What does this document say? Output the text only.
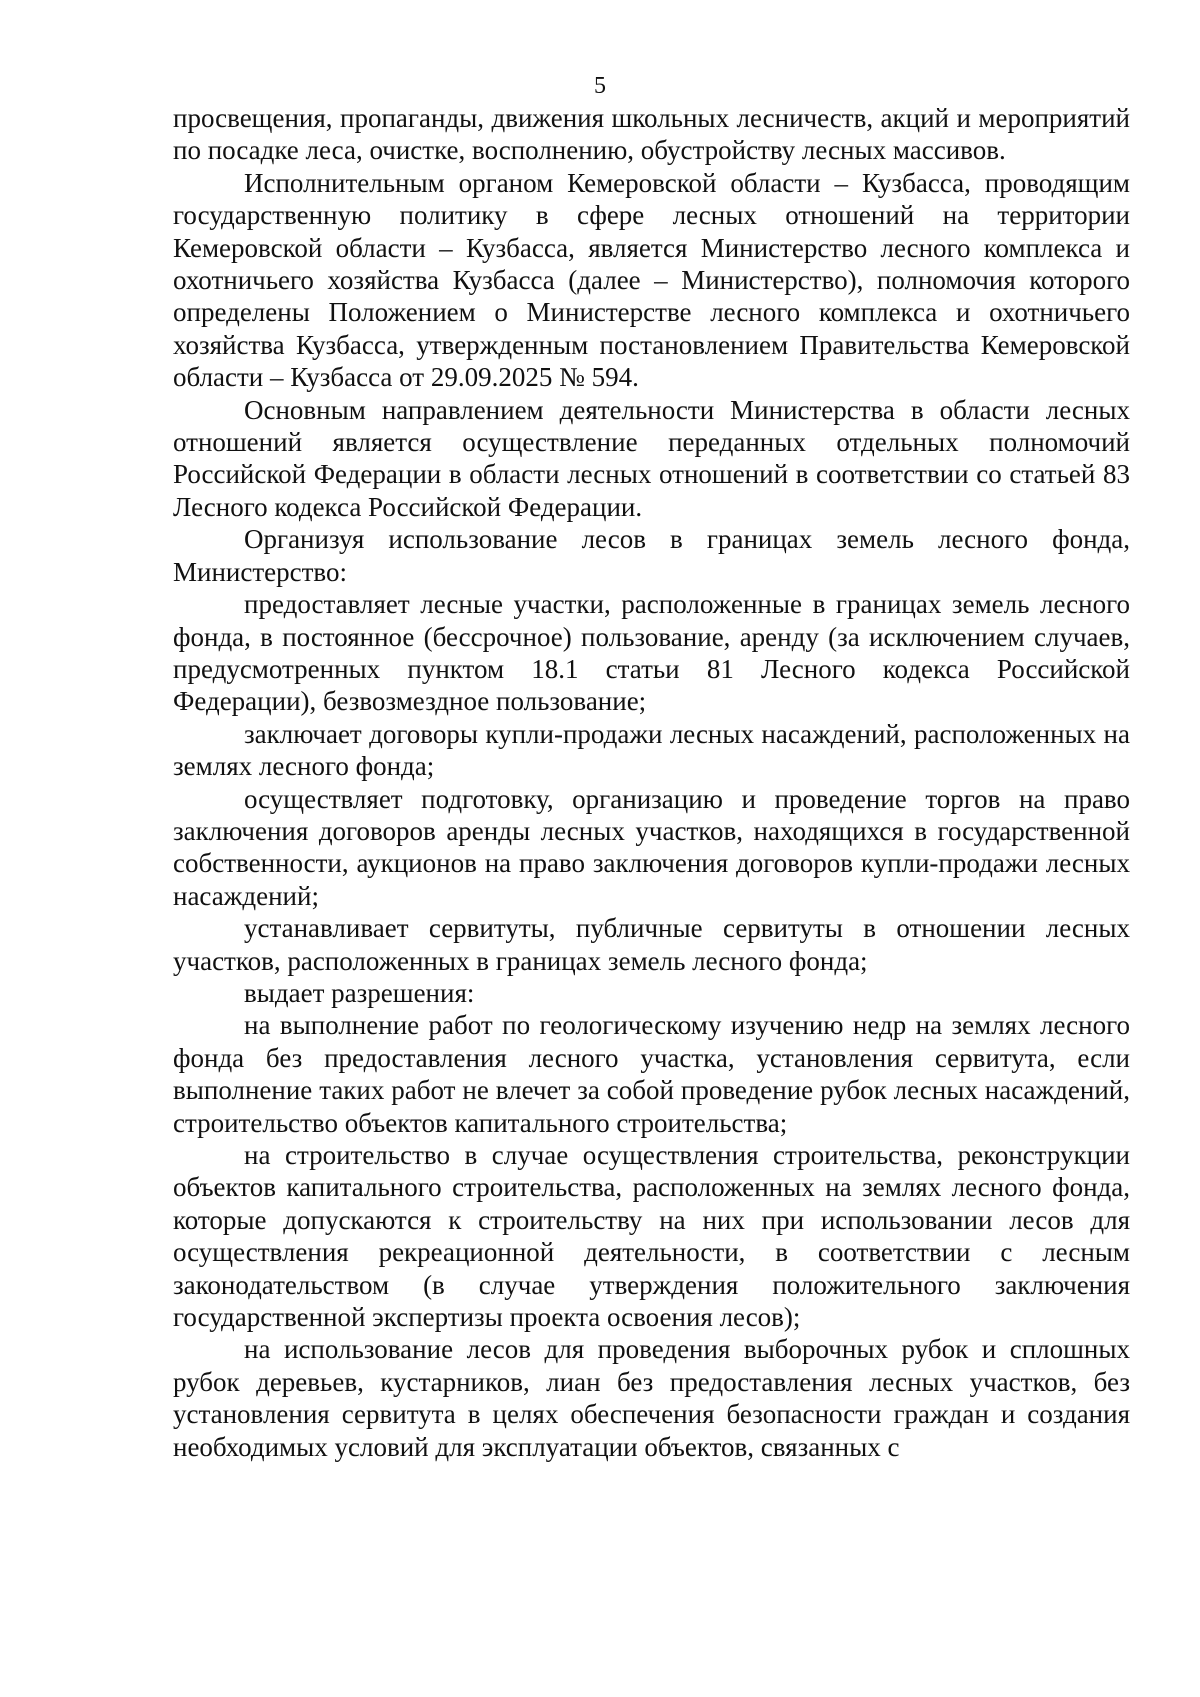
5

просвещения, пропаганды, движения школьных лесничеств, акций и мероприятий по посадке леса, очистке, восполнению, обустройству лесных массивов.

Исполнительным органом Кемеровской области – Кузбасса, проводящим государственную политику в сфере лесных отношений на территории Кемеровской области – Кузбасса, является Министерство лесного комплекса и охотничьего хозяйства Кузбасса (далее – Министерство), полномочия которого определены Положением о Министерстве лесного комплекса и охотничьего хозяйства Кузбасса, утвержденным постановлением Правительства Кемеровской области – Кузбасса от 29.09.2025 № 594.

Основным направлением деятельности Министерства в области лесных отношений является осуществление переданных отдельных полномочий Российской Федерации в области лесных отношений в соответствии со статьей 83 Лесного кодекса Российской Федерации.

Организуя использование лесов в границах земель лесного фонда, Министерство:

предоставляет лесные участки, расположенные в границах земель лесного фонда, в постоянное (бессрочное) пользование, аренду (за исключением случаев, предусмотренных пунктом 18.1 статьи 81 Лесного кодекса Российской Федерации), безвозмездное пользование;

заключает договоры купли-продажи лесных насаждений, расположенных на землях лесного фонда;

осуществляет подготовку, организацию и проведение торгов на право заключения договоров аренды лесных участков, находящихся в государственной собственности, аукционов на право заключения договоров купли-продажи лесных насаждений;

устанавливает сервитуты, публичные сервитуты в отношении лесных участков, расположенных в границах земель лесного фонда;

выдает разрешения:

на выполнение работ по геологическому изучению недр на землях лесного фонда без предоставления лесного участка, установления сервитута, если выполнение таких работ не влечет за собой проведение рубок лесных насаждений, строительство объектов капитального строительства;

на строительство в случае осуществления строительства, реконструкции объектов капитального строительства, расположенных на землях лесного фонда, которые допускаются к строительству на них при использовании лесов для осуществления рекреационной деятельности, в соответствии с лесным законодательством (в случае утверждения положительного заключения государственной экспертизы проекта освоения лесов);

на использование лесов для проведения выборочных рубок и сплошных рубок деревьев, кустарников, лиан без предоставления лесных участков, без установления сервитута в целях обеспечения безопасности граждан и создания необходимых условий для эксплуатации объектов, связанных с
